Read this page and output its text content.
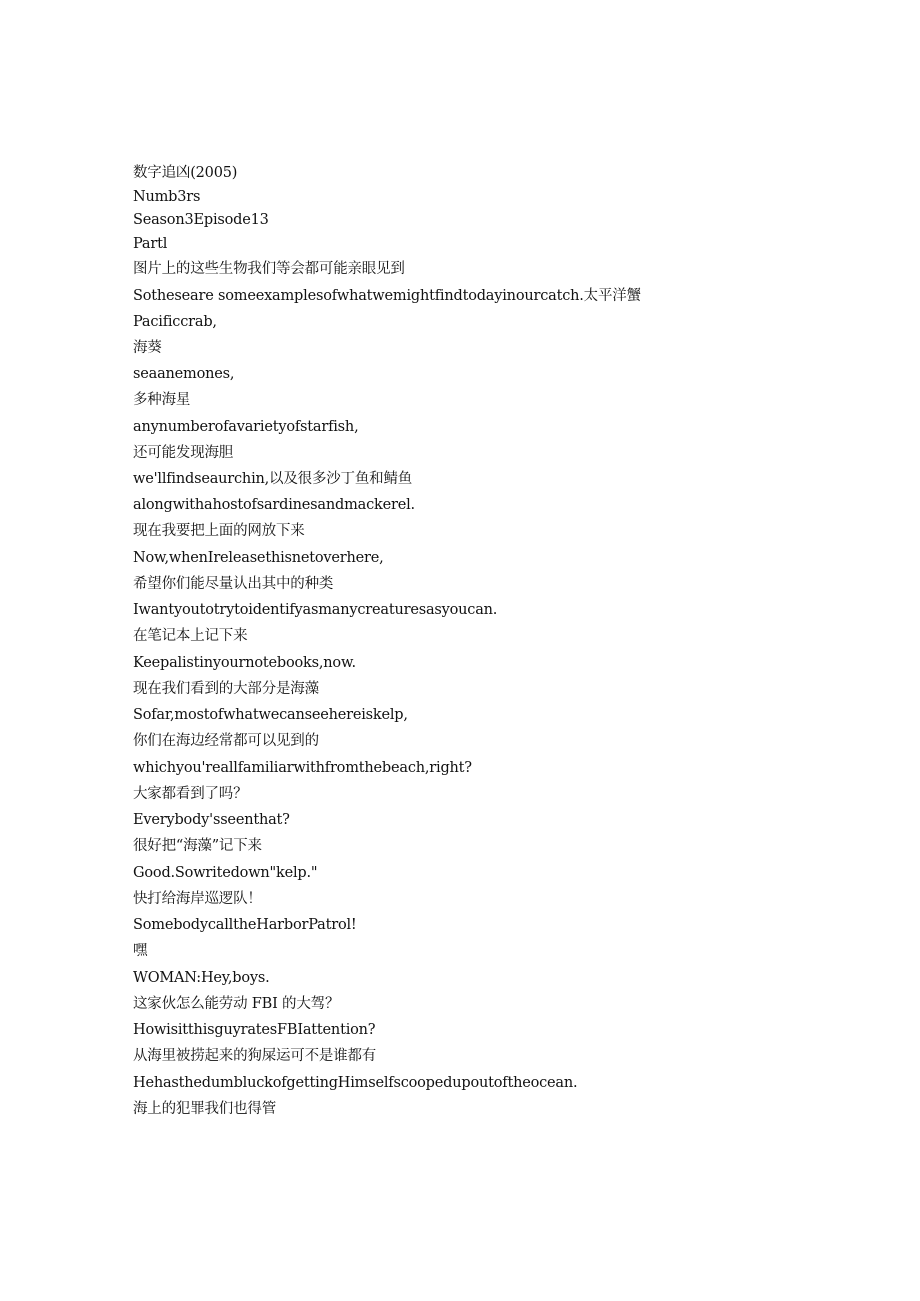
数字追凶(2005)

Numb3rs

Season3Episode13

Partl

图片上的这些生物我们等会都可能亲眼见到

Sotheseare someexamplesofwhatwemightfindtodayinourcatch.太平洋蟹

Pacificcrab,

海葵

seaanemones,

多种海星

anynumberofavarietyofstarfish,

还可能发现海胆

we'llfindseaurchin,以及很多沙丁鱼和鲭鱼

alongwithahostofsardinesandmackerel.

现在我要把上面的网放下来

Now,whenIreleasethisnetoverhere,

希望你们能尽量认出其中的种类

Iwantyoutotrytoidentifyasmanycreaturesasyoucan.

在笔记本上记下来

Keepalistinyournotebooks,now.

现在我们看到的大部分是海藻

Sofar,mostofwhatwecanseehereiskelp,

你们在海边经常都可以见到的

whichyou'reallfamiliarwithfromthebeach,right?

大家都看到了吗？

Everybody'sseenthat?

很好把“海藻”记下来

Good.Sowritedown"kelp."

快打给海岸巡逻队！

SomebodycalltheHarborPatrol!

嘿

WOMAN:Hey,boys.

这家伙怎么能劳动 FBI 的大驾？

HowisitthisguyratesFBIattention?

从海里被捞起来的狗屎运可不是谁都有

HehasthedumbluckofgettingHimselfscoopedupoutoftheocean.

海上的犯罪我们也得管
